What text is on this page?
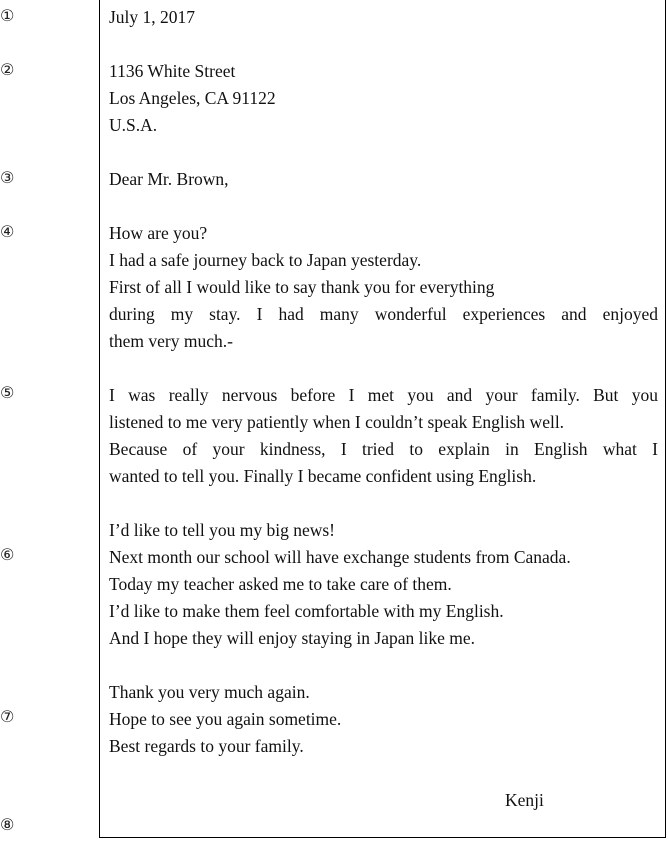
①
②
③
④
⑤
⑥
⑦
⑧
July 1, 2017
1136 White Street
Los Angeles, CA 91122
U.S.A.
Dear Mr. Brown,
How are you?
I had a safe journey back to Japan yesterday.
First of all I would like to say thank you for everything
during my stay. I had many wonderful experiences and enjoyed
them very much.-
I was really nervous before I met you and your family. But you
listened to me very patiently when I couldn’t speak English well.
Because of your kindness, I tried to explain in English what I
wanted to tell you. Finally I became confident using English.
I’d like to tell you my big news!
Next month our school will have exchange students from Canada.
Today my teacher asked me to take care of them.
I’d like to make them feel comfortable with my English.
And I hope they will enjoy staying in Japan like me.
Thank you very much again.
Hope to see you again sometime.
Best regards to your family.
Kenji
